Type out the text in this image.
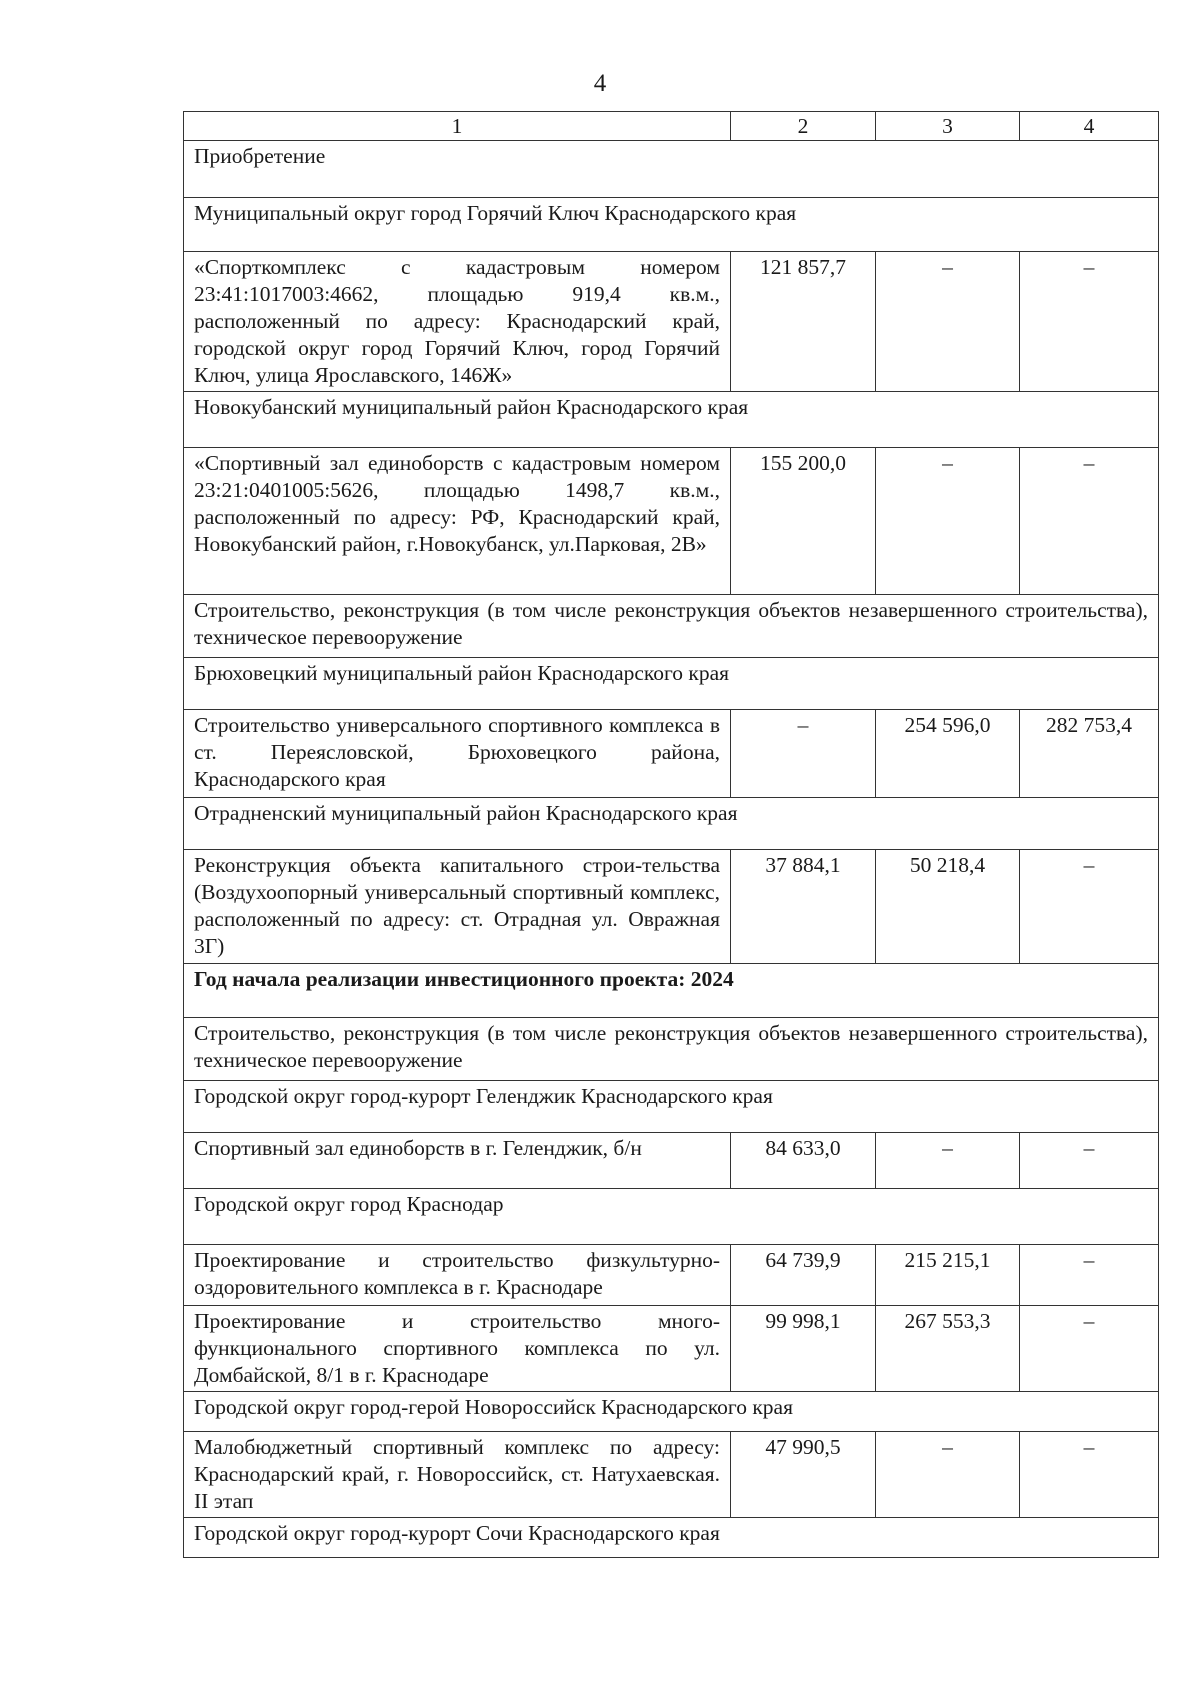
4
1	2	3	4
Приобретение			
Муниципальный округ город Горячий Ключ Краснодарского края			
«Спорткомплекс с кадастровым номером 23:41:1017003:4662, площадью 919,4 кв.м., расположенный по адресу: Краснодарский край, городской округ город Горячий Ключ, город Горячий Ключ, улица Ярославского, 146Ж»	121 857,7	–	–
Новокубанский муниципальный район Краснодарского края			
«Спортивный зал единоборств с кадастровым номером 23:21:0401005:5626, площадью 1498,7 кв.м., расположенный по адресу: РФ, Краснодарский край, Новокубанский район, г.Новокубанск, ул.Парковая, 2В»	155 200,0	–	–
Строительство, реконструкция (в том числе реконструкция объектов незавершенного строительства), техническое перевооружение			
Брюховецкий муниципальный район Краснодарского края			
Строительство универсального спортивного комплекса в ст. Переясловской, Брюховецкого района, Краснодарского края	–	254 596,0	282 753,4
Отрадненский муниципальный район Краснодарского края			
Реконструкция объекта капитального строи-тельства (Воздухоопорный универсальный спортивный комплекс, расположенный по адресу: ст. Отрадная ул. Овражная 3Г)	37 884,1	50 218,4	–
Год начала реализации инвестиционного проекта: 2024			
Строительство, реконструкция (в том числе реконструкция объектов незавершенного строительства), техническое перевооружение			
Городской округ город-курорт Геленджик Краснодарского края			
Спортивный зал единоборств в г. Геленджик, б/н	84 633,0	–	–
Городской округ город Краснодар			
Проектирование и строительство физкультурно-оздоровительного комплекса в г. Краснодаре	64 739,9	215 215,1	–
Проектирование и строительство много-функционального спортивного комплекса по ул. Домбайской, 8/1 в г. Краснодаре	99 998,1	267 553,3	–
Городской округ город-герой Новороссийск Краснодарского края			
Малобюджетный спортивный комплекс по адресу: Краснодарский край, г. Новороссийск, ст. Натухаевская. II этап	47 990,5	–	–
Городской округ город-курорт Сочи Краснодарского края			
